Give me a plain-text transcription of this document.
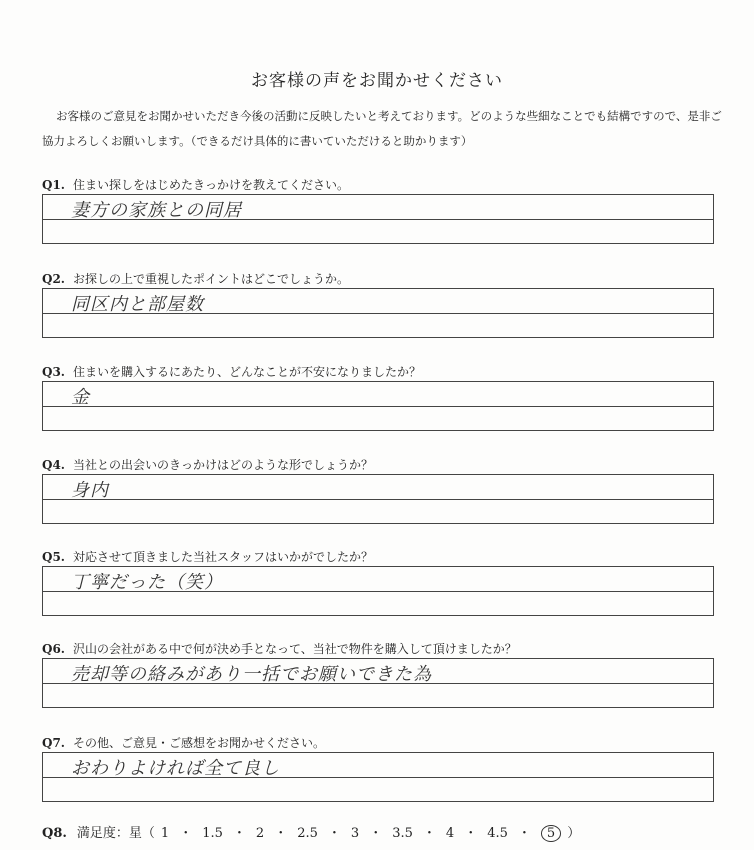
お客様の声をお聞かせください
お客様のご意見をお聞かせいただき今後の活動に反映したいと考えております。どのような些細なことでも結構ですので、是非ご協力よろしくお願いします。（できるだけ具体的に書いていただけると助かります）
Q1. 住まい探しをはじめたきっかけを教えてください。
妻方の家族との同居
Q2. お探しの上で重視したポイントはどこでしょうか。
同区内と部屋数
Q3. 住まいを購入するにあたり、どんなことが不安になりましたか？
金
Q4. 当社との出会いのきっかけはどのような形でしょうか？
身内
Q5. 対応させて頂きました当社スタッフはいかがでしたか？
丁寧だった（笑）
Q6. 沢山の会社がある中で何が決め手となって、当社で物件を購入して頂けましたか？
売却等の絡みがあり一括でお願いできた為
Q7. その他、ご意見・ご感想をお聞かせください。
おわりよければ全て良し
Q8. 満足度：星（ 1 ・ 1.5 ・ 2 ・ 2.5 ・ 3 ・ 3.5 ・ 4 ・ 4.5 ・ 5 ）
